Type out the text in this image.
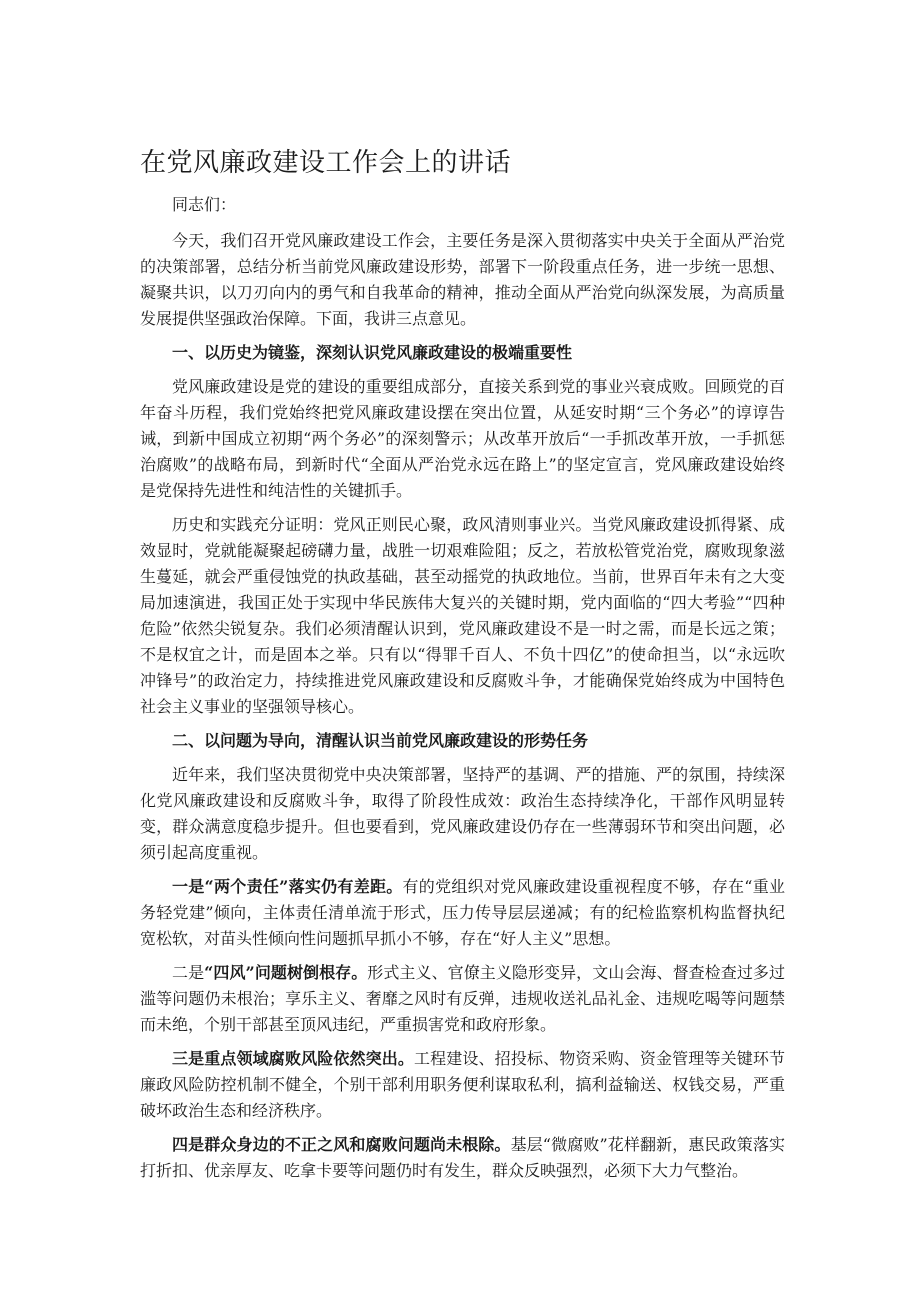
在党风廉政建设工作会上的讲话

同志们：

今天，我们召开党风廉政建设工作会，主要任务是深入贯彻落实中央关于全面从严治党的决策部署，总结分析当前党风廉政建设形势，部署下一阶段重点任务，进一步统一思想、凝聚共识，以刀刃向内的勇气和自我革命的精神，推动全面从严治党向纵深发展，为高质量发展提供坚强政治保障。下面，我讲三点意见。

一、以历史为镜鉴，深刻认识党风廉政建设的极端重要性

党风廉政建设是党的建设的重要组成部分，直接关系到党的事业兴衰成败。回顾党的百年奋斗历程，我们党始终把党风廉政建设摆在突出位置，从延安时期“三个务必”的谆谆告诫，到新中国成立初期“两个务必”的深刻警示；从改革开放后“一手抓改革开放，一手抓惩治腐败”的战略布局，到新时代“全面从严治党永远在路上”的坚定宣言，党风廉政建设始终是党保持先进性和纯洁性的关键抓手。

历史和实践充分证明：党风正则民心聚，政风清则事业兴。当党风廉政建设抓得紧、成效显时，党就能凝聚起磅礴力量，战胜一切艰难险阻；反之，若放松管党治党，腐败现象滋生蔓延，就会严重侵蚀党的执政基础，甚至动摇党的执政地位。当前，世界百年未有之大变局加速演进，我国正处于实现中华民族伟大复兴的关键时期，党内面临的“四大考验”“四种危险”依然尖锐复杂。我们必须清醒认识到，党风廉政建设不是一时之需，而是长远之策；不是权宜之计，而是固本之举。只有以“得罪千百人、不负十四亿”的使命担当，以“永远吹冲锋号”的政治定力，持续推进党风廉政建设和反腐败斗争，才能确保党始终成为中国特色社会主义事业的坚强领导核心。

二、以问题为导向，清醒认识当前党风廉政建设的形势任务

近年来，我们坚决贯彻党中央决策部署，坚持严的基调、严的措施、严的氛围，持续深化党风廉政建设和反腐败斗争，取得了阶段性成效：政治生态持续净化，干部作风明显转变，群众满意度稳步提升。但也要看到，党风廉政建设仍存在一些薄弱环节和突出问题，必须引起高度重视。

一是“两个责任”落实仍有差距。有的党组织对党风廉政建设重视程度不够，存在“重业务轻党建”倾向，主体责任清单流于形式，压力传导层层递减；有的纪检监察机构监督执纪宽松软，对苗头性倾向性问题抓早抓小不够，存在“好人主义”思想。

二是“四风”问题树倒根存。形式主义、官僚主义隐形变异，文山会海、督查检查过多过滥等问题仍未根治；享乐主义、奢靡之风时有反弹，违规收送礼品礼金、违规吃喝等问题禁而未绝，个别干部甚至顶风违纪，严重损害党和政府形象。

三是重点领域腐败风险依然突出。工程建设、招投标、物资采购、资金管理等关键环节廉政风险防控机制不健全，个别干部利用职务便利谋取私利，搞利益输送、权钱交易，严重破坏政治生态和经济秩序。

四是群众身边的不正之风和腐败问题尚未根除。基层“微腐败”花样翻新，惠民政策落实打折扣、优亲厚友、吃拿卡要等问题仍时有发生，群众反映强烈，必须下大力气整治。
